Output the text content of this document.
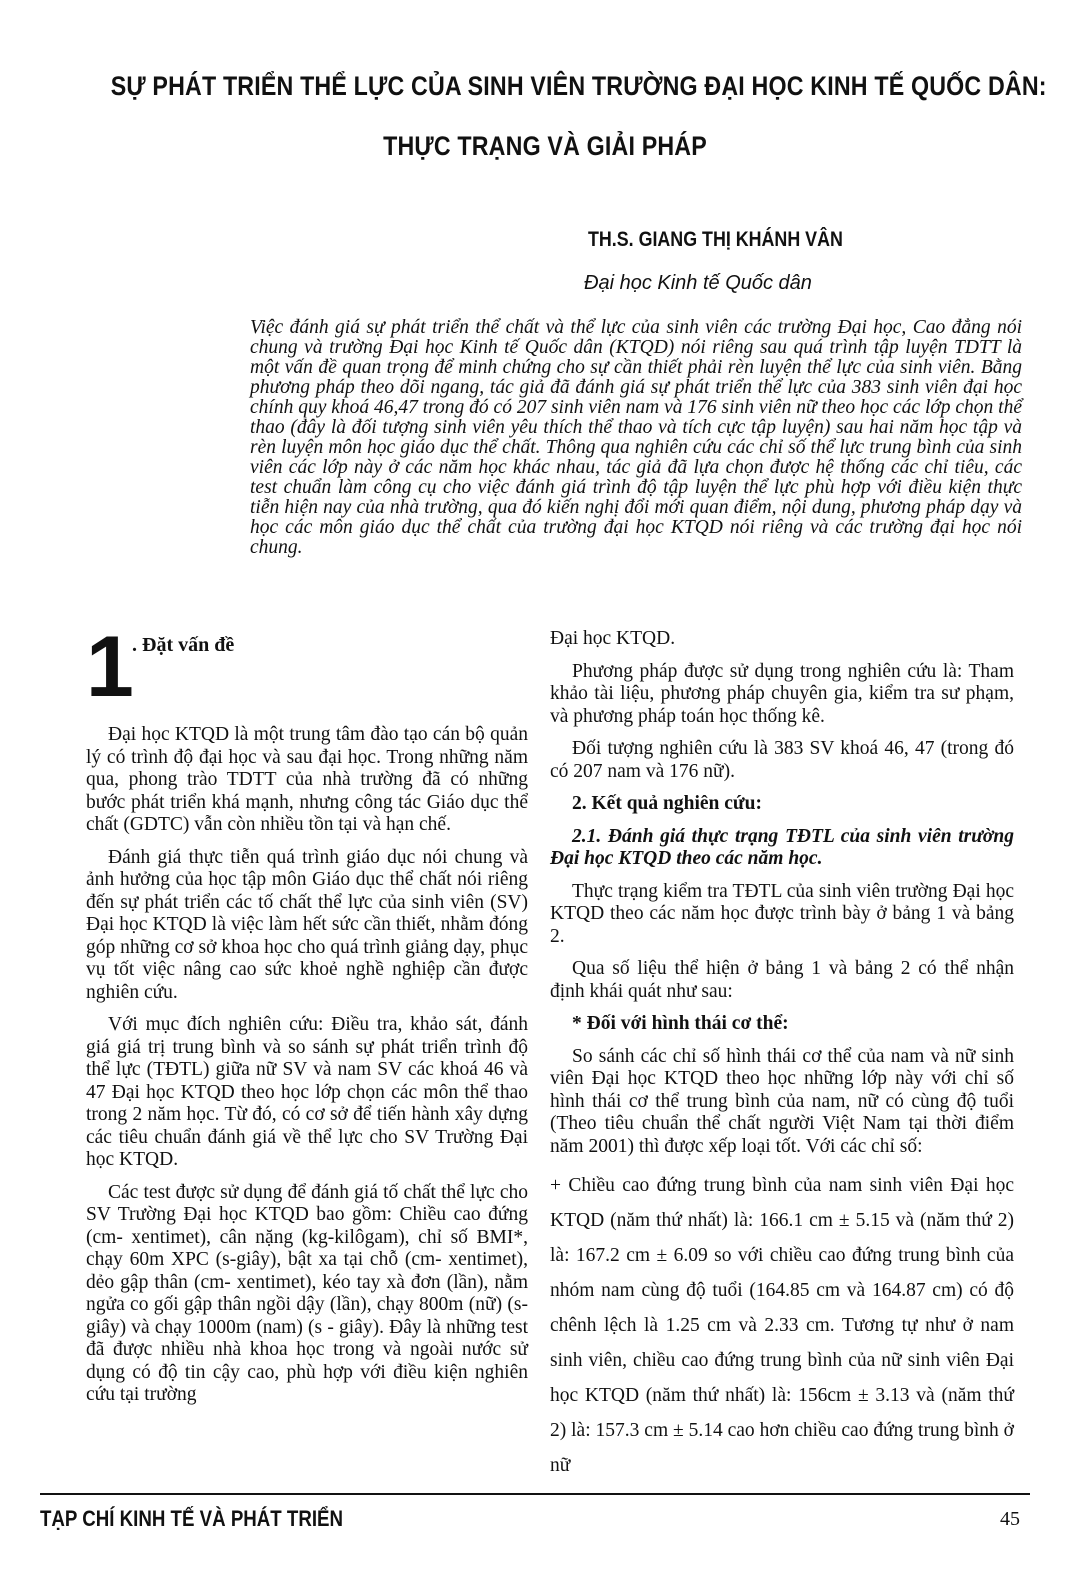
SỰ PHÁT TRIỂN THỂ LỰC CỦA SINH VIÊN TRƯỜNG ĐẠI HỌC KINH TẾ QUỐC DÂN:
THỰC TRẠNG VÀ GIẢI PHÁP
TH.S. GIANG THỊ KHÁNH VÂN
Đại học Kinh tế Quốc dân

Việc đánh giá sự phát triển thể chất và thể lực của sinh viên các trường Đại học, Cao đẳng nói chung và trường Đại học Kinh tế Quốc dân (KTQD) nói riêng sau quá trình tập luyện TDTT là một vấn đề quan trọng để minh chứng cho sự cần thiết phải rèn luyện thể lực của sinh viên. Bằng phương pháp theo dõi ngang, tác giả đã đánh giá sự phát triển thể lực của 383 sinh viên đại học chính quy khoá 46,47 trong đó có 207 sinh viên nam và 176 sinh viên nữ theo học các lớp chọn thể thao (đây là đối tượng sinh viên yêu thích thể thao và tích cực tập luyện) sau hai năm học tập và rèn luyện môn học giáo dục thể chất. Thông qua nghiên cứu các chỉ số thể lực trung bình của sinh viên các lớp này ở các năm học khác nhau, tác giả đã lựa chọn được hệ thống các chỉ tiêu, các test chuẩn làm công cụ cho việc đánh giá trình độ tập luyện thể lực phù hợp với điều kiện thực tiễn hiện nay của nhà trường, qua đó kiến nghị đổi mới quan điểm, nội dung, phương pháp dạy và học các môn giáo dục thể chất của trường đại học KTQD nói riêng và các trường đại học nói chung.

1
. Đặt vấn đề

Đại học KTQD là một trung tâm đào tạo cán bộ quản lý có trình độ đại học và sau đại học. Trong những năm qua, phong trào TDTT của nhà trường đã có những bước phát triển khá mạnh, nhưng công tác Giáo dục thể chất (GDTC) vẫn còn nhiều tồn tại và hạn chế.

Đánh giá thực tiễn quá trình giáo dục nói chung và ảnh hưởng của học tập môn Giáo dục thể chất nói riêng đến sự phát triển các tố chất thể lực của sinh viên (SV) Đại học KTQD là việc làm hết sức cần thiết, nhằm đóng góp những cơ sở khoa học cho quá trình giảng dạy, phục vụ tốt việc nâng cao sức khoẻ nghề nghiệp cần được nghiên cứu.

Với mục đích nghiên cứu: Điều tra, khảo sát, đánh giá giá trị trung bình và so sánh sự phát triển trình độ thể lực (TĐTL) giữa nữ SV và nam SV các khoá 46 và 47 Đại học KTQD theo học lớp chọn các môn thể thao trong 2 năm học. Từ đó, có cơ sở để tiến hành xây dựng các tiêu chuẩn đánh giá về thể lực cho SV Trường Đại học KTQD.

Các test được sử dụng để đánh giá tố chất thể lực cho SV Trường Đại học KTQD bao gồm: Chiều cao đứng (cm- xentimet), cân nặng (kg-kilôgam), chỉ số BMI*, chạy 60m XPC (s-giây), bật xa tại chỗ (cm- xentimet), dẻo gập thân (cm- xentimet), kéo tay xà đơn (lần), nằm ngửa co gối gập thân ngồi dậy (lần), chạy 800m (nữ) (s-giây) và chạy 1000m (nam) (s - giây). Đây là những test đã được nhiều nhà khoa học trong và ngoài nước sử dụng có độ tin cậy cao, phù hợp với điều kiện nghiên cứu tại trường

Đại học KTQD.

Phương pháp được sử dụng trong nghiên cứu là: Tham khảo tài liệu, phương pháp chuyên gia, kiểm tra sư phạm, và phương pháp toán học thống kê.

Đối tượng nghiên cứu là 383 SV khoá 46, 47 (trong đó có 207 nam và 176 nữ).

2. Kết quả nghiên cứu:

2.1. Đánh giá thực trạng TĐTL của sinh viên trường Đại học KTQD theo các năm học.

Thực trạng kiểm tra TĐTL của sinh viên trường Đại học KTQD theo các năm học được trình bày ở bảng 1 và bảng 2.

Qua số liệu thể hiện ở bảng 1 và bảng 2 có thể nhận định khái quát như sau:

* Đối với hình thái cơ thể:

So sánh các chỉ số hình thái cơ thể của nam và nữ sinh viên Đại học KTQD theo học những lớp này với chỉ số hình thái cơ thể trung bình của nam, nữ có cùng độ tuổi (Theo tiêu chuẩn thể chất người Việt Nam tại thời điểm năm 2001) thì được xếp loại tốt. Với các chỉ số:

+ Chiều cao đứng trung bình của nam sinh viên Đại học KTQD (năm thứ nhất) là: 166.1 cm ± 5.15 và (năm thứ 2) là: 167.2 cm ± 6.09 so với chiều cao đứng trung bình của nhóm nam cùng độ tuổi (164.85 cm và 164.87 cm) có độ chênh lệch là 1.25 cm và 2.33 cm. Tương tự như ở nam sinh viên, chiều cao đứng trung bình của nữ sinh viên Đại học KTQD (năm thứ nhất) là: 156cm ± 3.13 và (năm thứ 2) là: 157.3 cm ± 5.14 cao hơn chiều cao đứng trung bình ở nữ

TẠP CHÍ KINH TẾ VÀ PHÁT TRIỂN	45
